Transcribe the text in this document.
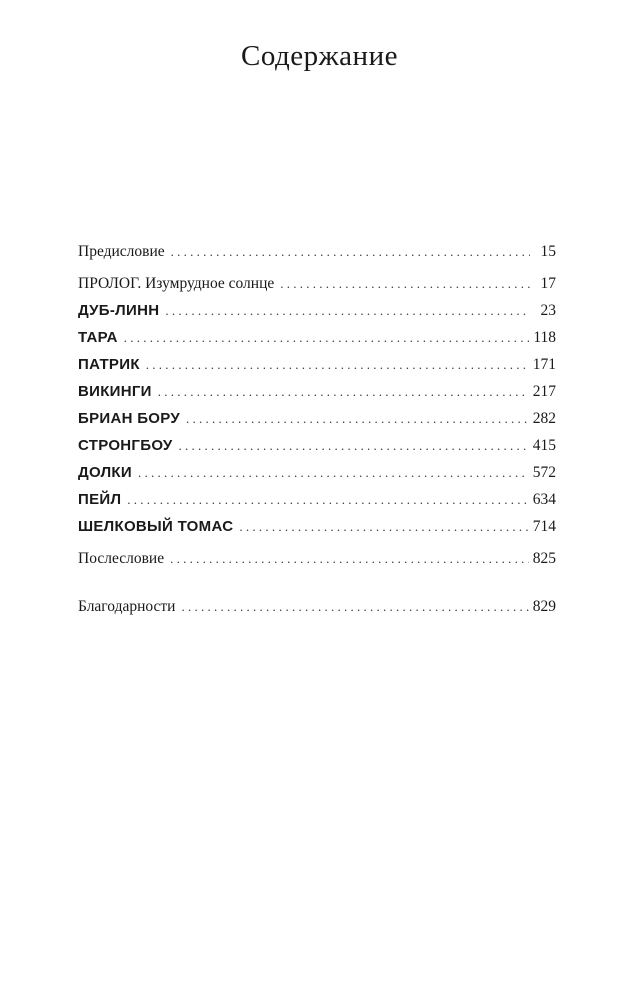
Содержание
Предисловие . . .	15
ПРОЛОГ. Изумрудное солнце . . .	17
ДУБ-ЛИНН . . .	23
ТАРА . . .	118
ПАТРИК . . .	171
ВИКИНГИ . . .	217
БРИАН БОРУ . . .	282
СТРОНГБОУ . . .	415
ДОЛКИ . . .	572
ПЕЙЛ . . .	634
ШЕЛКОВЫЙ ТОМАС . . .	714
Послесловие . . .	825
Благодарности . . .	829
